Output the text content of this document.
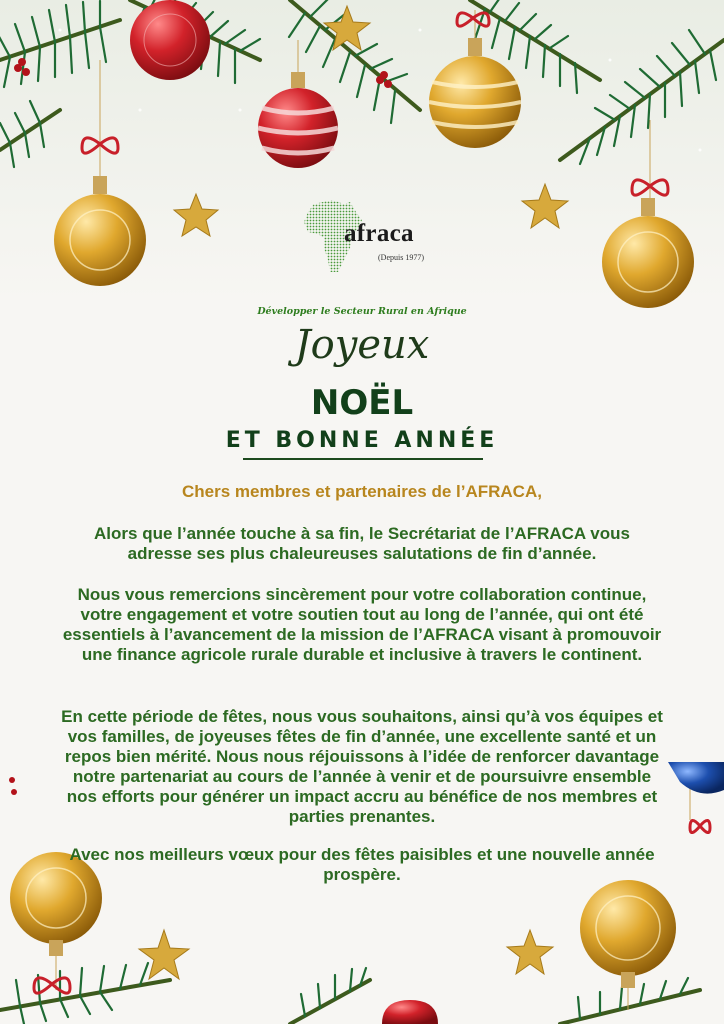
afraca
(Depuis 1977)
Développer le Secteur Rural en Afrique
Joyeux
NOËL
ET BONNE ANNÉE
Chers membres et partenaires de l’AFRACA,

Alors que l’année touche à sa fin, le Secrétariat de l’AFRACA vous adresse ses plus chaleureuses salutations de fin d’année.

Nous vous remercions sincèrement pour votre collaboration continue, votre engagement et votre soutien tout au long de l’année, qui ont été essentiels à l’avancement de la mission de l’AFRACA visant à promouvoir une finance agricole rurale durable et inclusive à travers le continent.

En cette période de fêtes, nous vous souhaitons, ainsi qu’à vos équipes et vos familles, de joyeuses fêtes de fin d’année, une excellente santé et un repos bien mérité. Nous nous réjouissons à l’idée de renforcer davantage notre partenariat au cours de l’année à venir et de poursuivre ensemble nos efforts pour générer un impact accru au bénéfice de nos membres et parties prenantes.

Avec nos meilleurs vœux pour des fêtes paisibles et une nouvelle année prospère.
